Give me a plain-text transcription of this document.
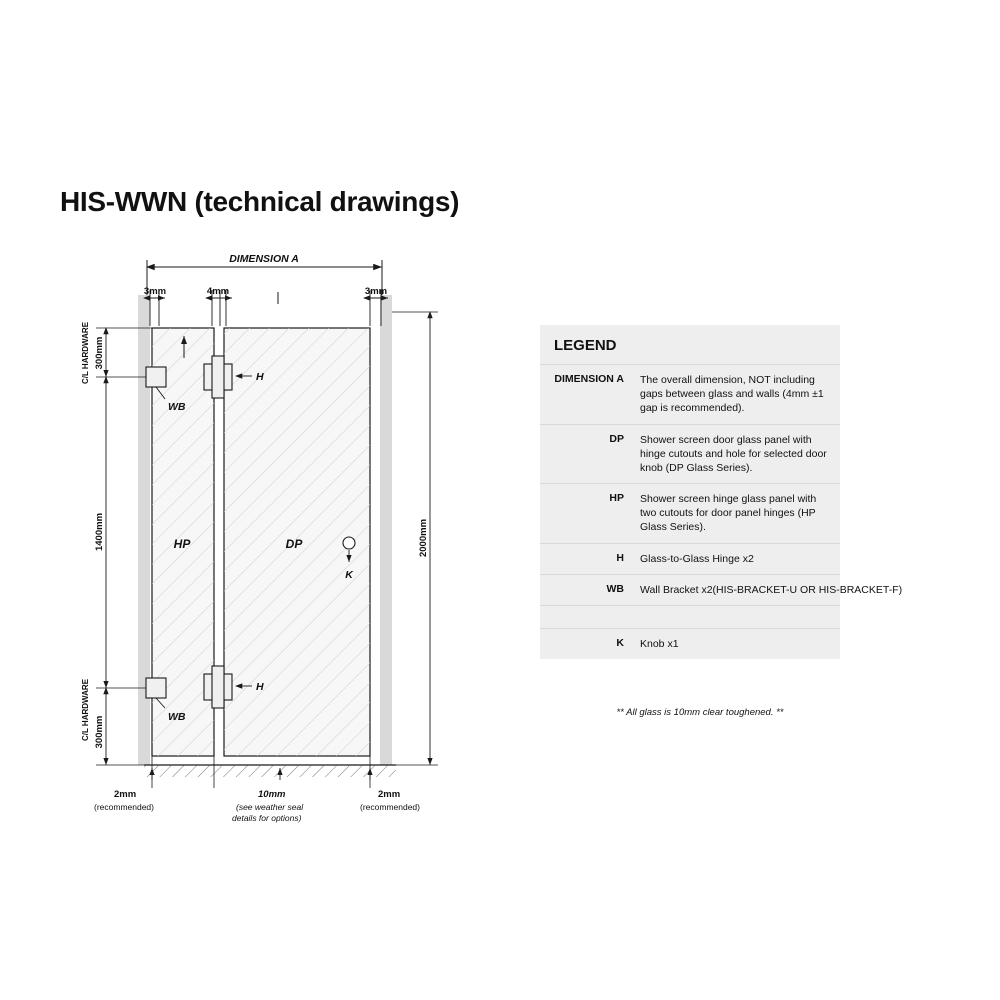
HIS-WWN (technical drawings)
DIMENSION A
3mm	4mm	3mm
WB
WB
H
H
K
HP	DP
300mm
C/L HARDWARE
1400mm
300mm
C/L HARDWARE
2000mm
2mm
(recommended)
10mm
(see weather seal
details for options)
2mm
(recommended)
LEGEND
DIMENSION A	The overall dimension, NOT including gaps between glass and walls (4mm ±1 gap is recommended).
DP	Shower screen door glass panel with hinge cutouts and hole for selected door knob (DP Glass Series).
HP	Shower screen hinge glass panel with two cutouts for door panel hinges (HP Glass Series).
H	Glass-to-Glass Hinge x2
WB	Wall Bracket x2(HIS-BRACKET-U OR HIS-BRACKET-F)
K	Knob x1
** All glass is 10mm clear toughened. **
